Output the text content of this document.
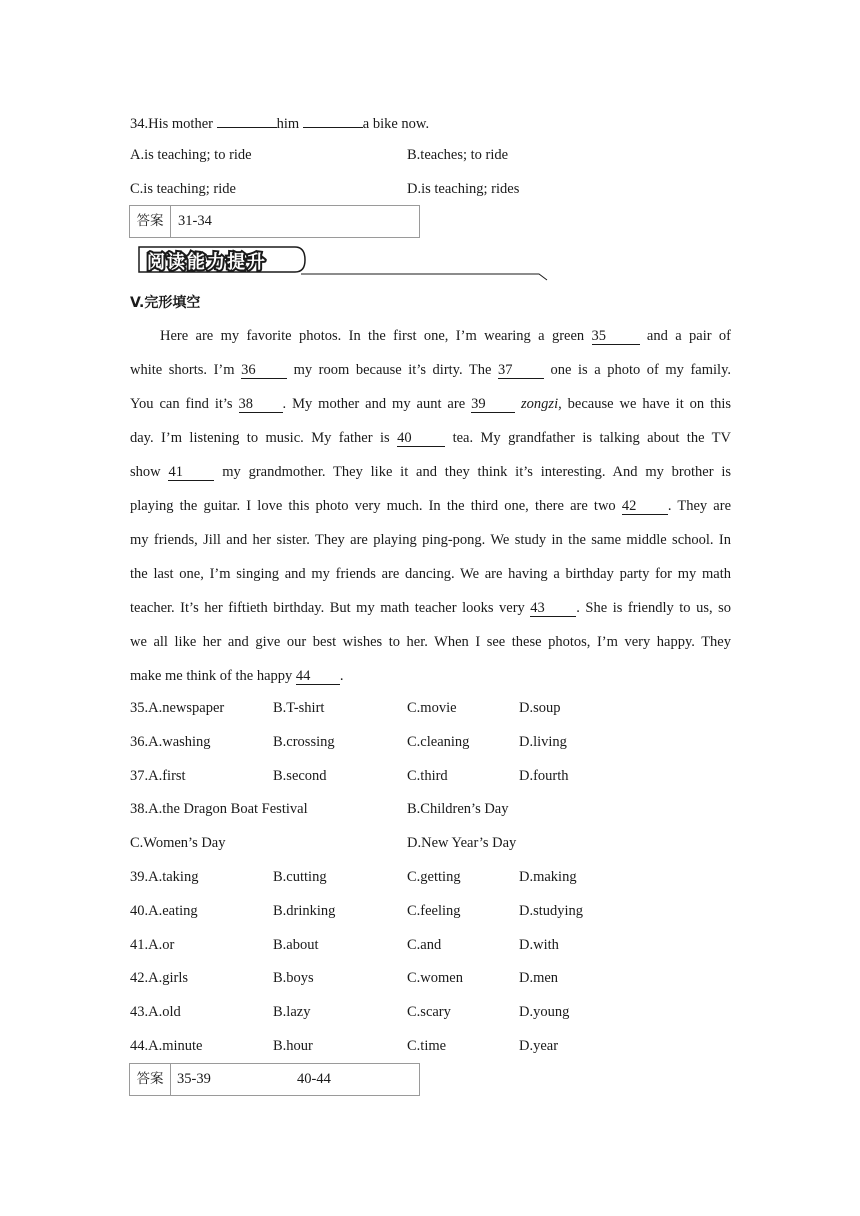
34.His mother	him	a bike now.
A.is teaching; to ride	B.teaches; to ride
C.is teaching; ride	D.is teaching; rides
答案	31-34
阅读能力提升
V.完形填空
Here are my favorite photos. In the first one, I’m wearing a green 35	and a pair of
white shorts. I’m 36	my room because it’s dirty. The 37	one is a photo of my family.
You can find it’s 38 . My mother and my aunt are 39 zongzi, because we have it on this
day. I’m listening to music. My father is 40	tea. My grandfather is talking about the TV
show 41	my grandmother. They like it and they think it’s interesting. And my brother is
playing the guitar. I love this photo very much. In the third one, there are two 42 . They are
my friends, Jill and her sister. They are playing ping-pong. We study in the same middle school. In
the last one, I’m singing and my friends are dancing. We are having a birthday party for my math
teacher. It’s her fiftieth birthday. But my math teacher looks very 43 . She is friendly to us, so
we all like her and give our best wishes to her. When I see these photos, I’m very happy. They
make me think of the happy 44 .
35.A.newspaper	B.T-shirt	C.movie	D.soup
36.A.washing	B.crossing	C.cleaning	D.living
37.A.first	B.second	C.third	D.fourth
38.A.the Dragon Boat Festival	B.Children’s Day
C.Women’s Day	D.New Year’s Day
39.A.taking	B.cutting	C.getting	D.making
40.A.eating	B.drinking	C.feeling	D.studying
41.A.or	B.about	C.and	D.with
42.A.girls	B.boys	C.women	D.men
43.A.old	B.lazy	C.scary	D.young
44.A.minute	B.hour	C.time	D.year
答案 35-39	40-44
